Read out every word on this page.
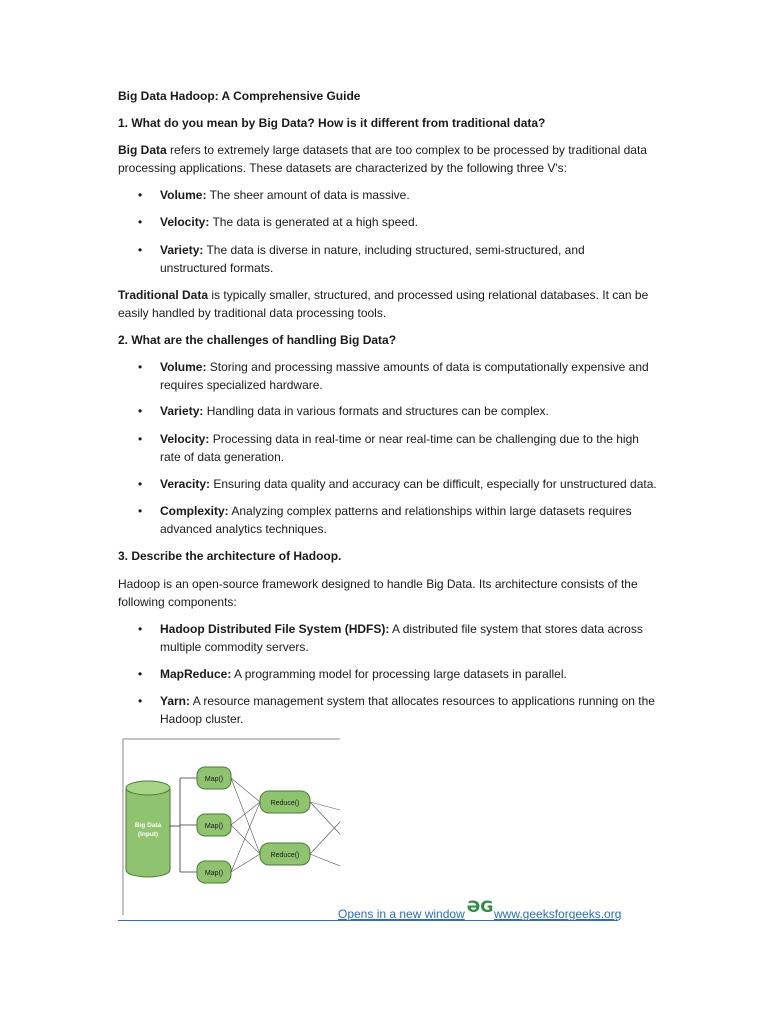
Big Data Hadoop: A Comprehensive Guide

1. What do you mean by Big Data? How is it different from traditional data?

Big Data refers to extremely large datasets that are too complex to be processed by traditional data

processing applications. These datasets are characterized by the following three V's:

•	Volume: The sheer amount of data is massive.

•	Velocity: The data is generated at a high speed.

•	Variety: The data is diverse in nature, including structured, semi-structured, and

unstructured formats.

Traditional Data is typically smaller, structured, and processed using relational databases. It can be

easily handled by traditional data processing tools.

2. What are the challenges of handling Big Data?

•	Volume: Storing and processing massive amounts of data is computationally expensive and

requires specialized hardware.

•	Variety: Handling data in various formats and structures can be complex.

•	Velocity: Processing data in real-time or near real-time can be challenging due to the high

rate of data generation.

•	Veracity: Ensuring data quality and accuracy can be difficult, especially for unstructured data.

•	Complexity: Analyzing complex patterns and relationships within large datasets requires

advanced analytics techniques.

3. Describe the architecture of Hadoop.

Hadoop is an open-source framework designed to handle Big Data. Its architecture consists of the

following components:

•	Hadoop Distributed File System (HDFS): A distributed file system that stores data across

multiple commodity servers.

•	MapReduce: A programming model for processing large datasets in parallel.

•	Yarn: A resource management system that allocates resources to applications running on the

Hadoop cluster.

Big Data
(Input)
Map()
Map()
Map()
Reduce()
Reduce()
Opens in a new window ƏG www.geeksforgeeks.org
